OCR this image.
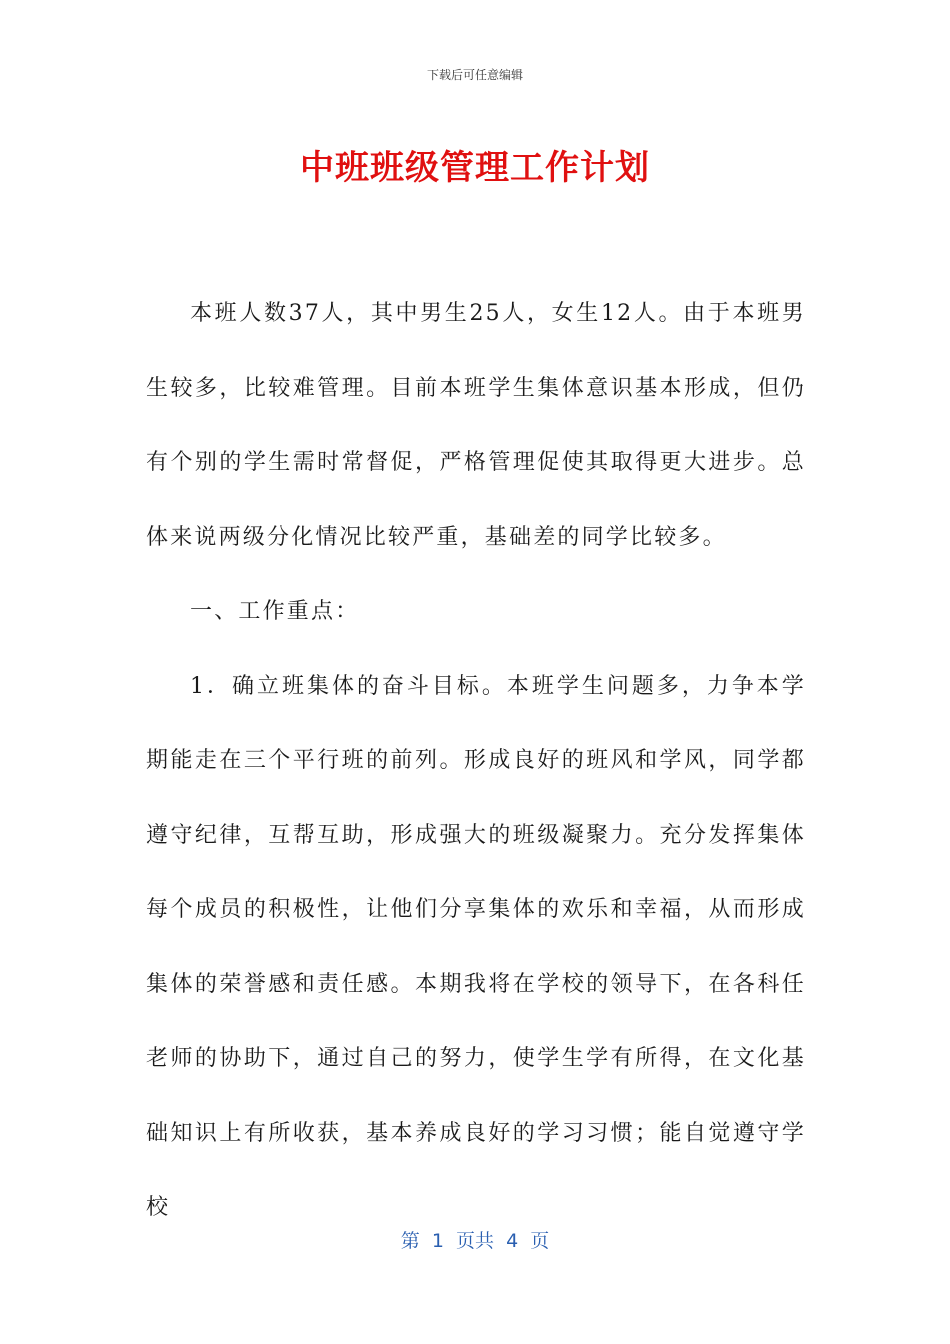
下载后可任意编辑
中班班级管理工作计划

本班人数37人，其中男生25人，女生12人。由于本班男生较多，比较难管理。目前本班学生集体意识基本形成，但仍有个别的学生需时常督促，严格管理促使其取得更大进步。总体来说两级分化情况比较严重，基础差的同学比较多。

一、工作重点：

1．确立班集体的奋斗目标。本班学生问题多，力争本学期能走在三个平行班的前列。形成良好的班风和学风，同学都遵守纪律，互帮互助，形成强大的班级凝聚力。充分发挥集体每个成员的积极性，让他们分享集体的欢乐和幸福，从而形成集体的荣誉感和责任感。本期我将在学校的领导下，在各科任老师的协助下，通过自己的努力，使学生学有所得，在文化基础知识上有所收获，基本养成良好的学习习惯；能自觉遵守学校

第  1  页共  4  页
